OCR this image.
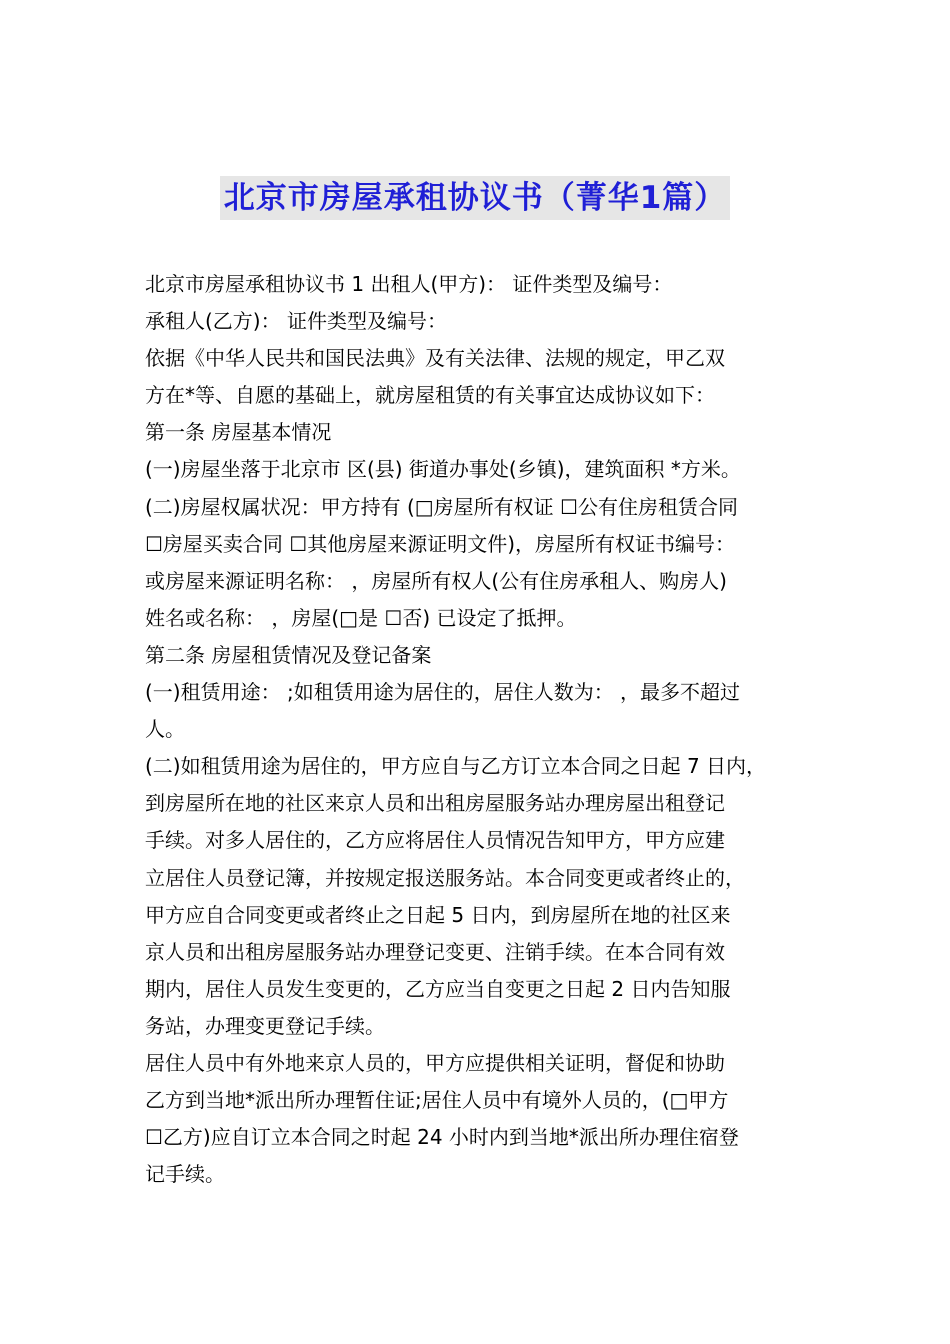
北京市房屋承租协议书（菁华1篇）
北京市房屋承租协议书 1 出租人(甲方)： 证件类型及编号：
承租人(乙方)： 证件类型及编号：
依据《中华人民共和国民法典》及有关法律、法规的规定，甲乙双
方在*等、自愿的基础上，就房屋租赁的有关事宜达成协议如下：
第一条 房屋基本情况
(一)房屋坐落于北京市 区(县) 街道办事处(乡镇)，建筑面积 *方米。
(二)房屋权属状况：甲方持有 (□房屋所有权证 ☐公有住房租赁合同
☐房屋买卖合同 ☐其他房屋来源证明文件)，房屋所有权证书编号：
或房屋来源证明名称： ，房屋所有权人(公有住房承租人、购房人)
姓名或名称： ，房屋(□是 ☐否) 已设定了抵押。
第二条 房屋租赁情况及登记备案
(一)租赁用途： ;如租赁用途为居住的，居住人数为： ，最多不超过
人。
(二)如租赁用途为居住的，甲方应自与乙方订立本合同之日起 7 日内，
到房屋所在地的社区来京人员和出租房屋服务站办理房屋出租登记
手续。对多人居住的，乙方应将居住人员情况告知甲方，甲方应建
立居住人员登记簿，并按规定报送服务站。本合同变更或者终止的，
甲方应自合同变更或者终止之日起 5 日内，到房屋所在地的社区来
京人员和出租房屋服务站办理登记变更、注销手续。在本合同有效
期内，居住人员发生变更的，乙方应当自变更之日起 2 日内告知服
务站，办理变更登记手续。
居住人员中有外地来京人员的，甲方应提供相关证明，督促和协助
乙方到当地*派出所办理暂住证;居住人员中有境外人员的，(□甲方
☐乙方)应自订立本合同之时起 24 小时内到当地*派出所办理住宿登
记手续。
